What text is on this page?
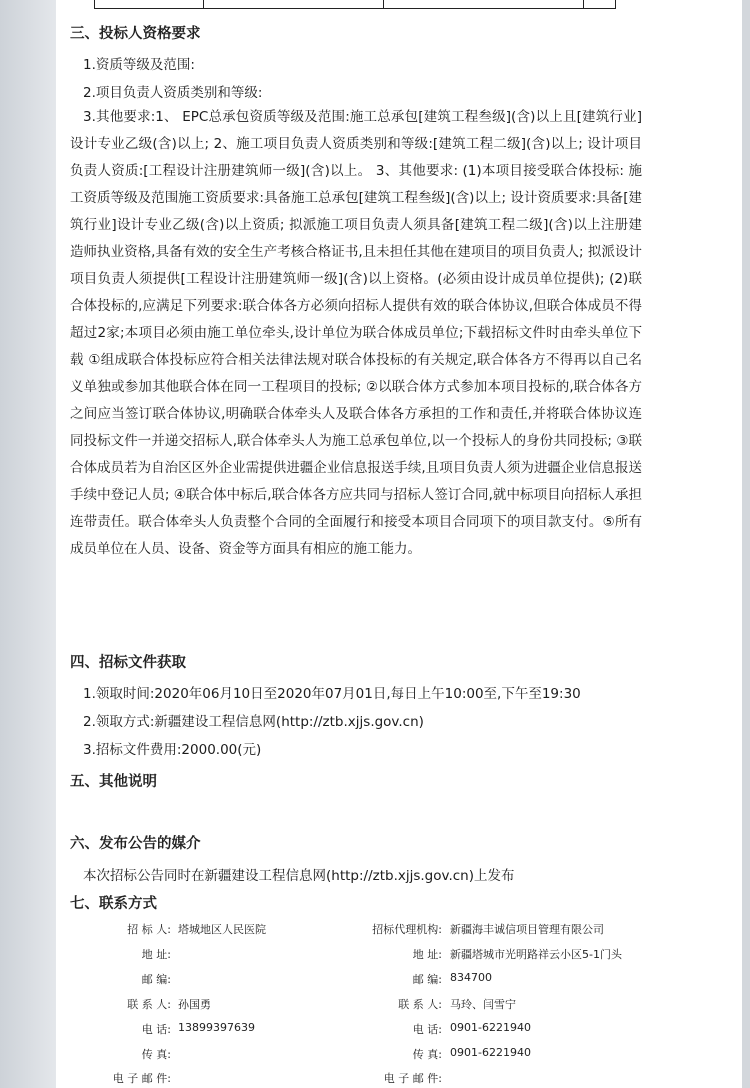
三、投标人资格要求
1.资质等级及范围:
2.项目负责人资质类别和等级:
3.其他要求:1、 EPC总承包资质等级及范围:施工总承包[建筑工程叁级](含)以上且[建筑行业]设计专业乙级(含)以上; 2、施工项目负责人资质类别和等级:[建筑工程二级](含)以上; 设计项目负责人资质:[工程设计注册建筑师一级](含)以上。 3、其他要求: (1)本项目接受联合体投标: 施工资质等级及范围施工资质要求:具备施工总承包[建筑工程叁级](含)以上; 设计资质要求:具备[建筑行业]设计专业乙级(含)以上资质; 拟派施工项目负责人须具备[建筑工程二级](含)以上注册建造师执业资格,具备有效的安全生产考核合格证书,且未担任其他在建项目的项目负责人; 拟派设计项目负责人须提供[工程设计注册建筑师一级](含)以上资格。(必须由设计成员单位提供); (2)联合体投标的,应满足下列要求:联合体各方必须向招标人提供有效的联合体协议,但联合体成员不得超过2家;本项目必须由施工单位牵头,设计单位为联合体成员单位;下载招标文件时由牵头单位下载 ①组成联合体投标应符合相关法律法规对联合体投标的有关规定,联合体各方不得再以自己名义单独或参加其他联合体在同一工程项目的投标; ②以联合体方式参加本项目投标的,联合体各方之间应当签订联合体协议,明确联合体牵头人及联合体各方承担的工作和责任,并将联合体协议连同投标文件一并递交招标人,联合体牵头人为施工总承包单位,以一个投标人的身份共同投标; ③联合体成员若为自治区区外企业需提供进疆企业信息报送手续,且项目负责人须为进疆企业信息报送手续中登记人员; ④联合体中标后,联合体各方应共同与招标人签订合同,就中标项目向招标人承担连带责任。联合体牵头人负责整个合同的全面履行和接受本项目合同项下的项目款支付。⑤所有成员单位在人员、设备、资金等方面具有相应的施工能力。
四、招标文件获取
1.领取时间:2020年06月10日至2020年07月01日,每日上午10:00至,下午至19:30
2.领取方式:新疆建设工程信息网(http://ztb.xjjs.gov.cn)
3.招标文件费用:2000.00(元)
五、其他说明
六、发布公告的媒介
本次招标公告同时在新疆建设工程信息网(http://ztb.xjjs.gov.cn)上发布
七、联系方式
招 标 人: 塔城地区人民医院
地 址:
邮 编:
联 系 人: 孙国勇
电 话: 13899397639
传 真:
电 子 邮 件:
招标代理机构: 新疆海丰诚信项目管理有限公司
地 址: 新疆塔城市光明路祥云小区5-1门头
邮 编: 834700
联 系 人: 马玲、闫雪宁
电 话: 0901-6221940
传 真: 0901-6221940
电 子 邮 件:
